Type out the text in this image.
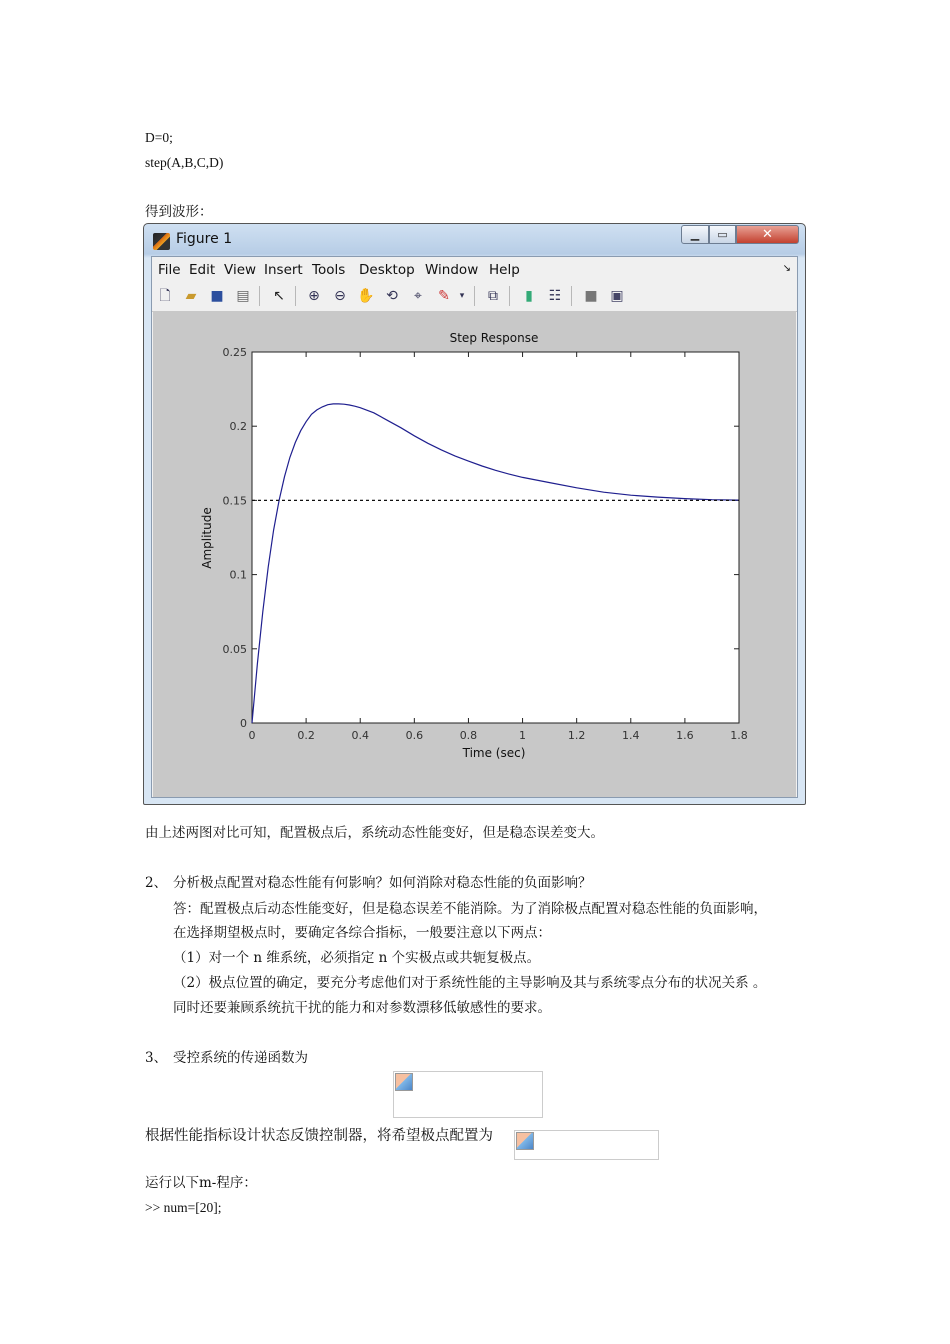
D=0;
step(A,B,C,D)
得到波形：
Figure 1	▁	▭	✕
File Edit View Insert Tools Desktop Window Help	↘
🗋	▰ ■ ▤ ↖ ⊕ ⊖ ✋ ⟲	⌖	✎	▾	⧉	▮	☷ ■ ▣
Step Response
0	0.2	0.4	0.6	0.8	1	1.2	1.4	1.6	1.8
0
0.05
0.1
0.15
0.2
0.25
Time (sec)
Amplitude
由上述两图对比可知，配置极点后，系统动态性能变好，但是稳态误差变大。
2、 分析极点配置对稳态性能有何影响？如何消除对稳态性能的负面影响？
答：配置极点后动态性能变好，但是稳态误差不能消除。为了消除极点配置对稳态性能的负面影响，
在选择期望极点时，要确定各综合指标，一般要注意以下两点：
（1）对一个 n 维系统，必须指定 n 个实极点或共轭复极点。
（2）极点位置的确定，要充分考虑他们对于系统性能的主导影响及其与系统零点分布的状况关系 。
同时还要兼顾系统抗干扰的能力和对参数漂移低敏感性的要求。
3、 受控系统的传递函数为
根据性能指标设计状态反馈控制器，将希望极点配置为
运行以下m-程序：
>> num=[20];
